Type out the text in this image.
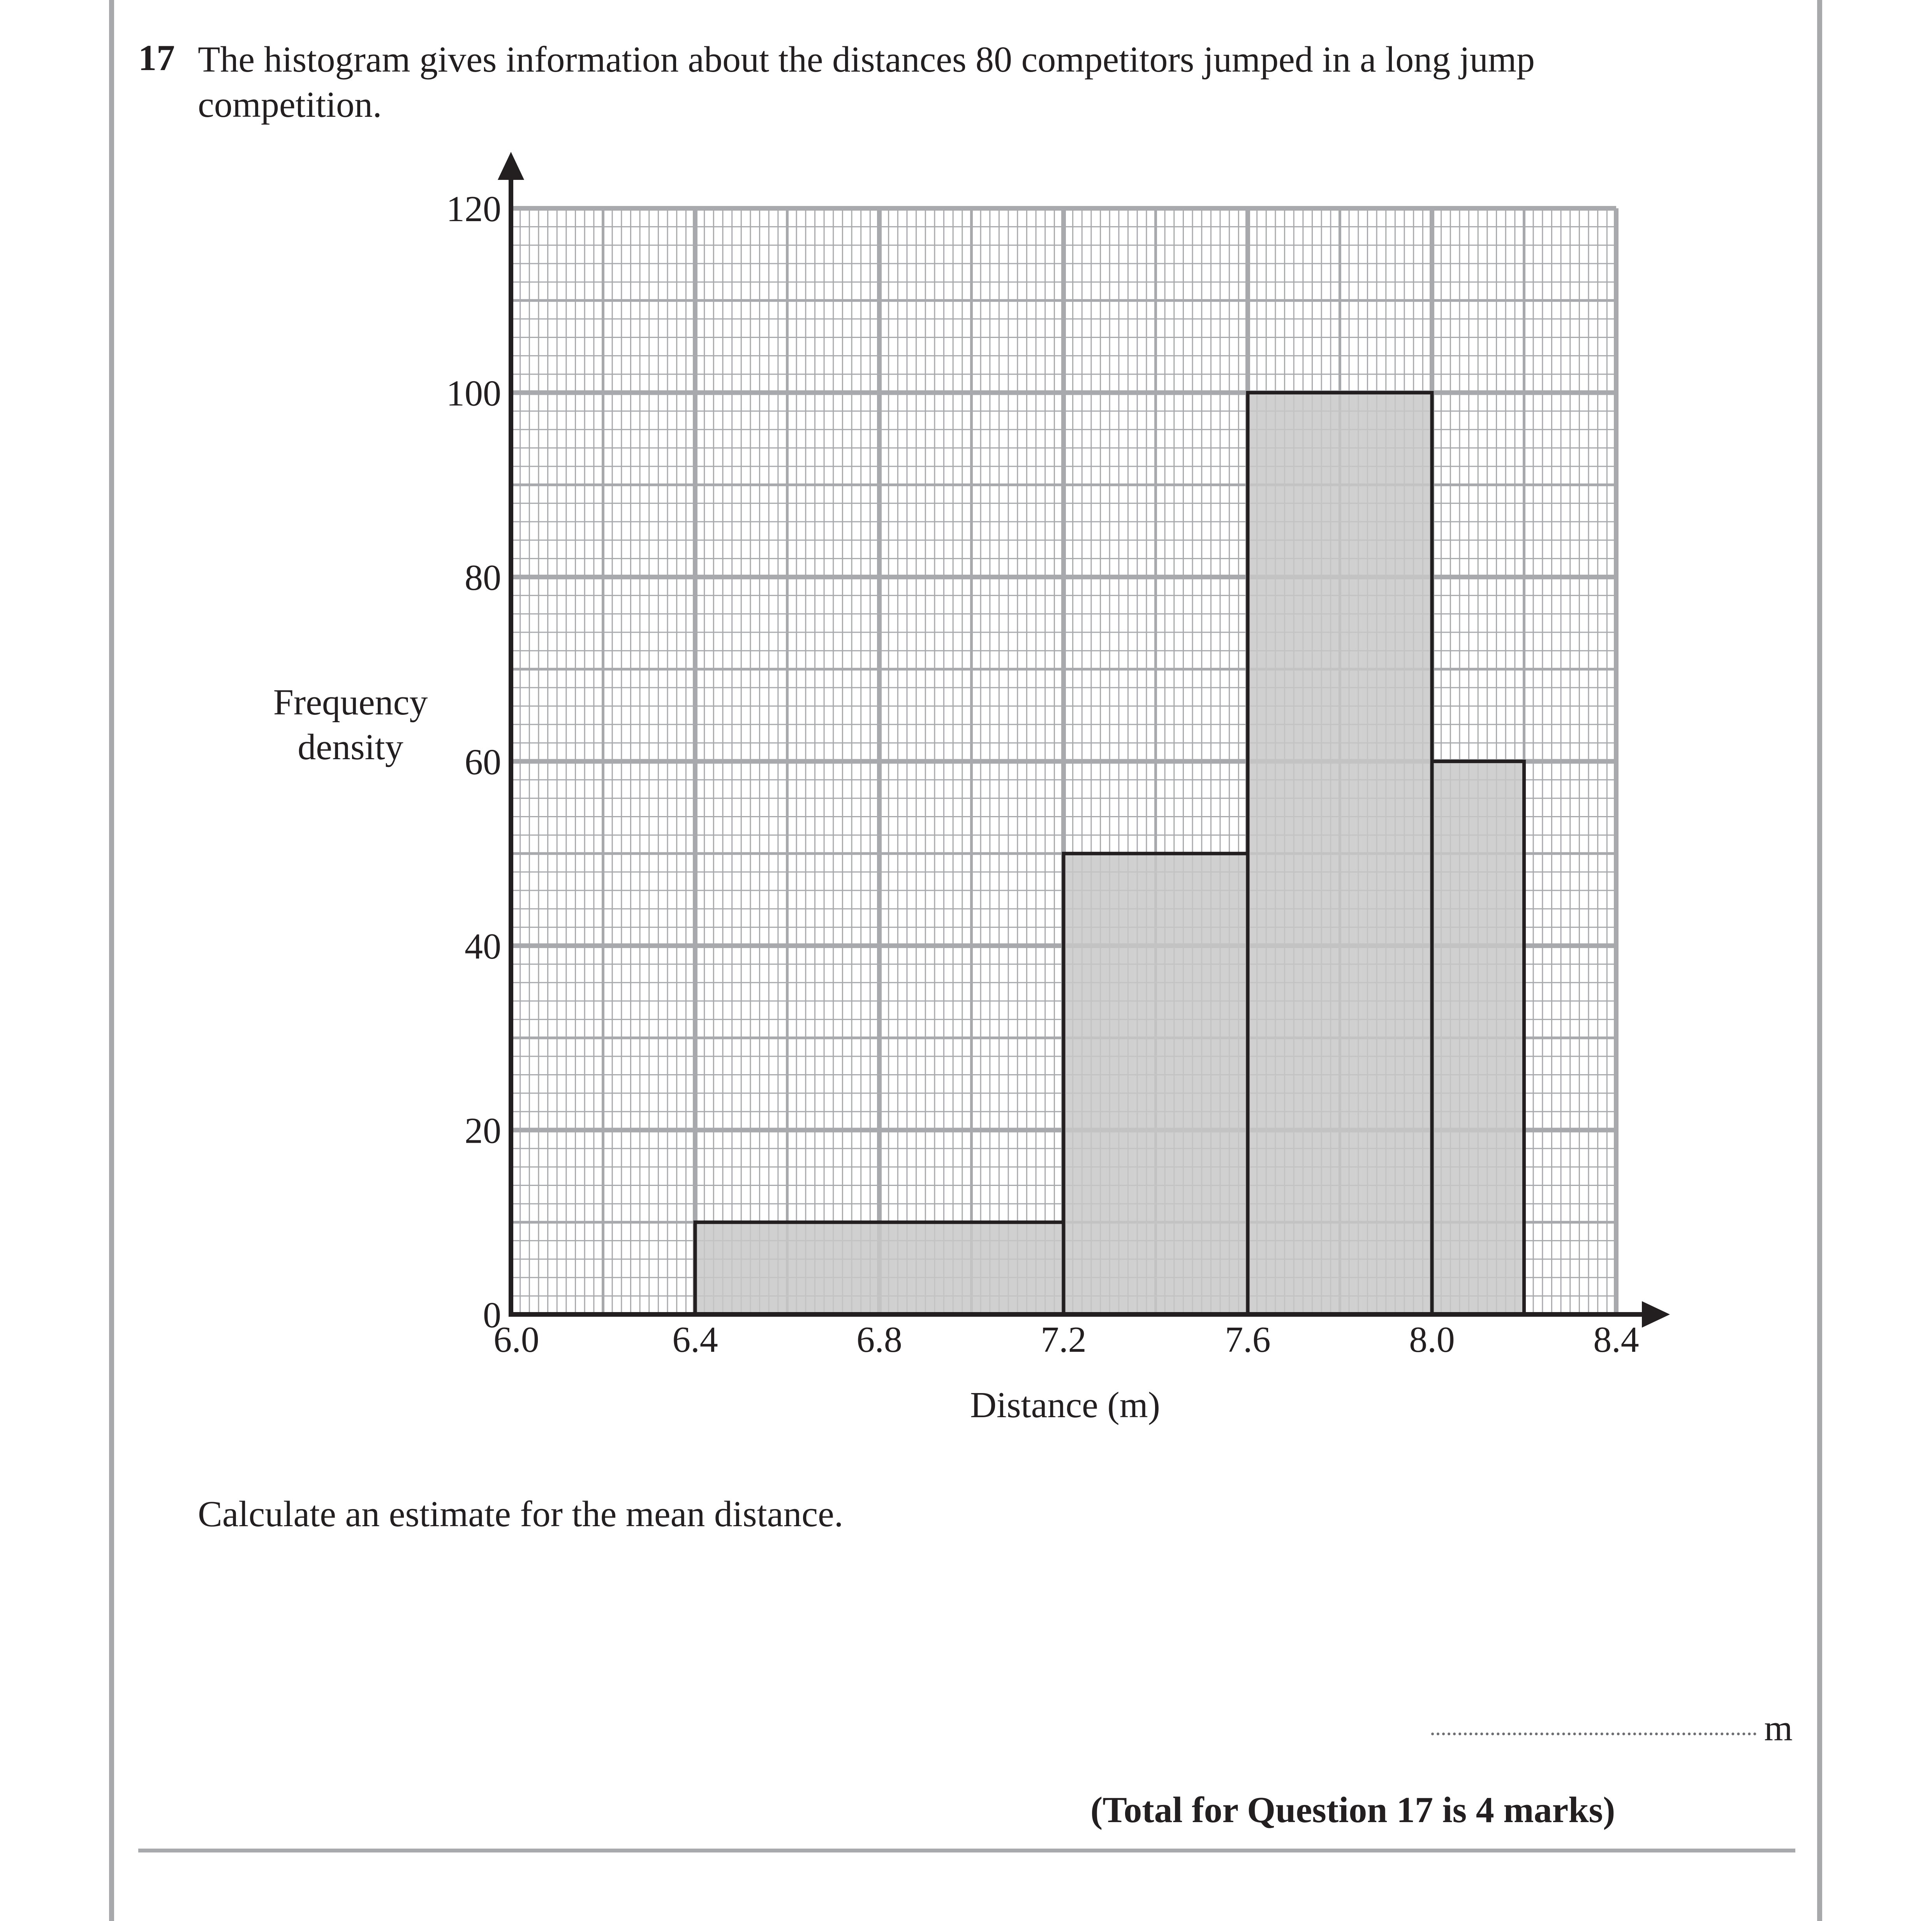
17 The histogram gives information about the distances 80 competitors jumped in a long jump competition.

Frequency
density
Distance (m)
0
20
40
60
80
100
120
6.0	6.4	6.8	7.2	7.6	8.0	8.4
Calculate an estimate for the mean distance.
m
(Total for Question 17 is 4 marks)
